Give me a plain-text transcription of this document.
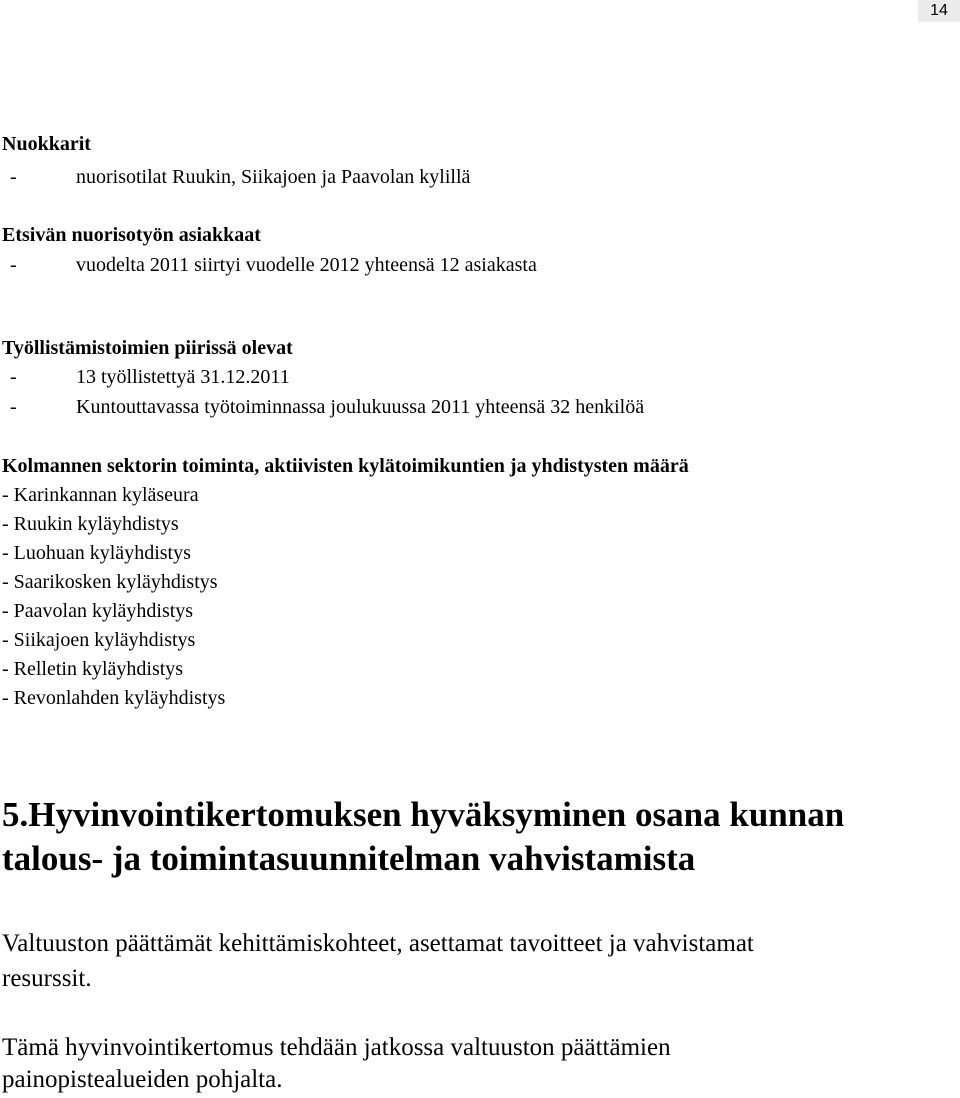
14
Nuokkarit
-	nuorisotilat Ruukin, Siikajoen ja Paavolan kylillä
Etsivän nuorisotyön asiakkaat
-	vuodelta 2011 siirtyi vuodelle 2012 yhteensä 12 asiakasta
Työllistämistoimien piirissä olevat
-	13 työllistettyä 31.12.2011
-	Kuntouttavassa työtoiminnassa joulukuussa 2011 yhteensä 32 henkilöä
Kolmannen sektorin toiminta, aktiivisten kylätoimikuntien ja yhdistysten määrä
- Karinkannan kyläseura
- Ruukin kyläyhdistys
- Luohuan kyläyhdistys
- Saarikosken kyläyhdistys
- Paavolan kyläyhdistys
- Siikajoen kyläyhdistys
- Relletin kyläyhdistys
- Revonlahden kyläyhdistys
5.Hyvinvointikertomuksen hyväksyminen osana kunnan
talous- ja toimintasuunnitelman vahvistamista
Valtuuston päättämät kehittämiskohteet, asettamat tavoitteet ja vahvistamat
resurssit.
Tämä hyvinvointikertomus tehdään jatkossa valtuuston päättämien
painopistealueiden pohjalta.
